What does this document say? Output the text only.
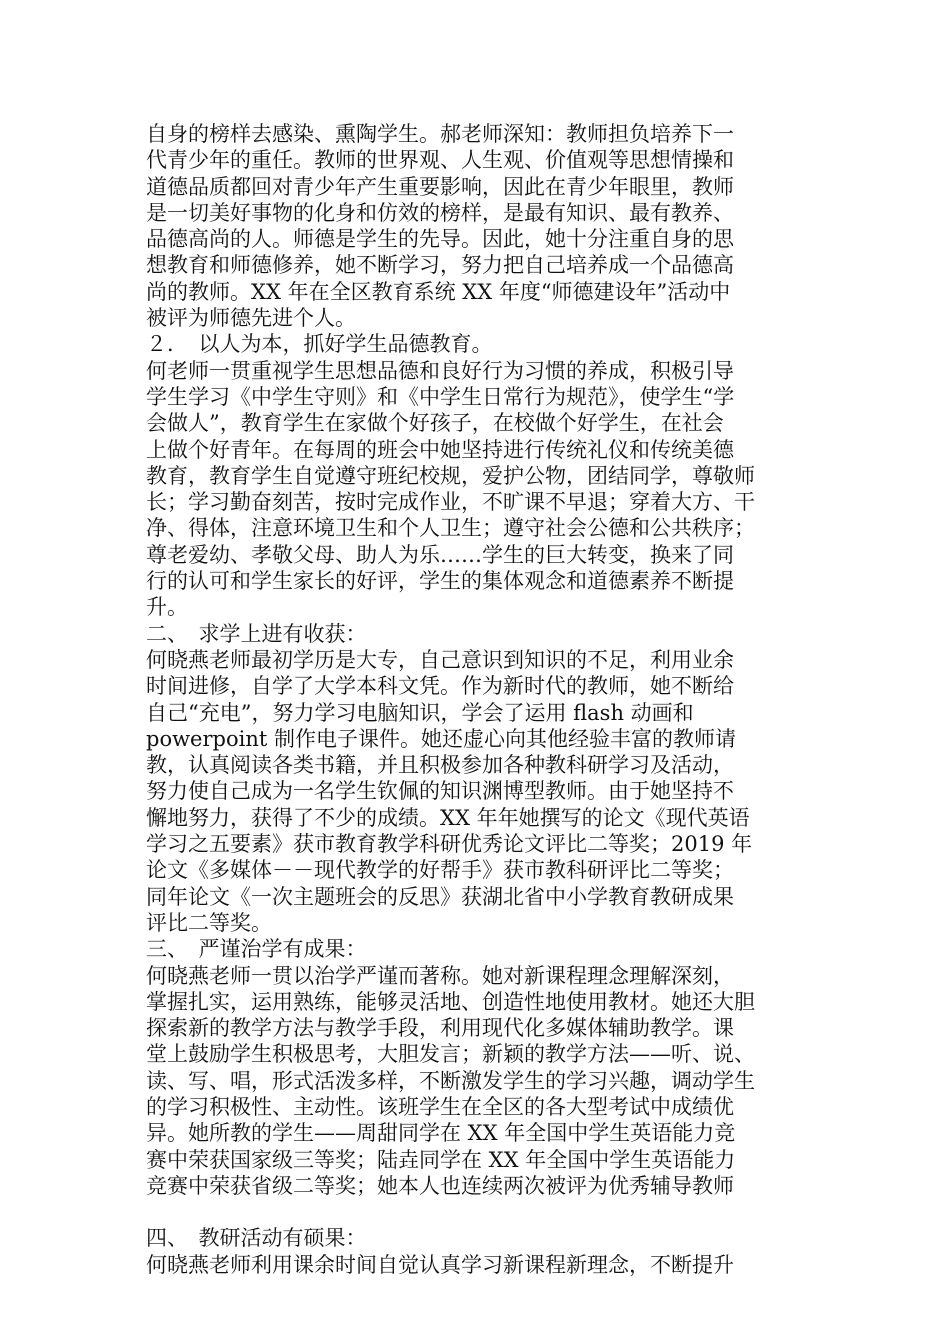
自身的榜样去感染、熏陶学生。郝老师深知：教师担负培养下一
代青少年的重任。教师的世界观、人生观、价值观等思想情操和
道德品质都回对青少年产生重要影响，因此在青少年眼里，教师
是一切美好事物的化身和仿效的榜样，是最有知识、最有教养、
品德高尚的人。师德是学生的先导。因此，她十分注重自身的思
想教育和师德修养，她不断学习，努力把自己培养成一个品德高
尚的教师。XX 年在全区教育系统 XX 年度“师德建设年”活动中
被评为师德先进个人。
２．　以人为本，抓好学生品德教育。
何老师一贯重视学生思想品德和良好行为习惯的养成，积极引导
学生学习《中学生守则》和《中学生日常行为规范》，使学生“学
会做人”，教育学生在家做个好孩子，在校做个好学生，在社会
上做个好青年。在每周的班会中她坚持进行传统礼仪和传统美德
教育，教育学生自觉遵守班纪校规，爱护公物，团结同学，尊敬师
长；学习勤奋刻苦，按时完成作业，不旷课不早退；穿着大方、干
净、得体，注意环境卫生和个人卫生；遵守社会公德和公共秩序；
尊老爱幼、孝敬父母、助人为乐……学生的巨大转变，换来了同
行的认可和学生家长的好评，学生的集体观念和道德素养不断提
升。
二、　求学上进有收获：
何晓燕老师最初学历是大专，自己意识到知识的不足，利用业余
时间进修，自学了大学本科文凭。作为新时代的教师，她不断给
自己“充电”，努力学习电脑知识，学会了运用 flash 动画和
powerpoint 制作电子课件。她还虚心向其他经验丰富的教师请
教，认真阅读各类书籍，并且积极参加各种教科研学习及活动，
努力使自己成为一名学生钦佩的知识渊博型教师。由于她坚持不
懈地努力，获得了不少的成绩。XX 年年她撰写的论文《现代英语
学习之五要素》获市教育教学科研优秀论文评比二等奖；2019 年
论文《多媒体－－现代教学的好帮手》获市教科研评比二等奖；
同年论文《一次主题班会的反思》获湖北省中小学教育教研成果
评比二等奖。
三、　严谨治学有成果：
何晓燕老师一贯以治学严谨而著称。她对新课程理念理解深刻，
掌握扎实，运用熟练，能够灵活地、创造性地使用教材。她还大胆
探索新的教学方法与教学手段，利用现代化多媒体辅助教学。课
堂上鼓励学生积极思考，大胆发言；新颖的教学方法——听、说、
读、写、唱，形式活泼多样，不断激发学生的学习兴趣，调动学生
的学习积极性、主动性。该班学生在全区的各大型考试中成绩优
异。她所教的学生——周甜同学在 XX 年全国中学生英语能力竞
赛中荣获国家级三等奖；陆垚同学在 XX 年全国中学生英语能力
竞赛中荣获省级二等奖；她本人也连续两次被评为优秀辅导教师
四、　教研活动有硕果：
何晓燕老师利用课余时间自觉认真学习新课程新理念，不断提升
